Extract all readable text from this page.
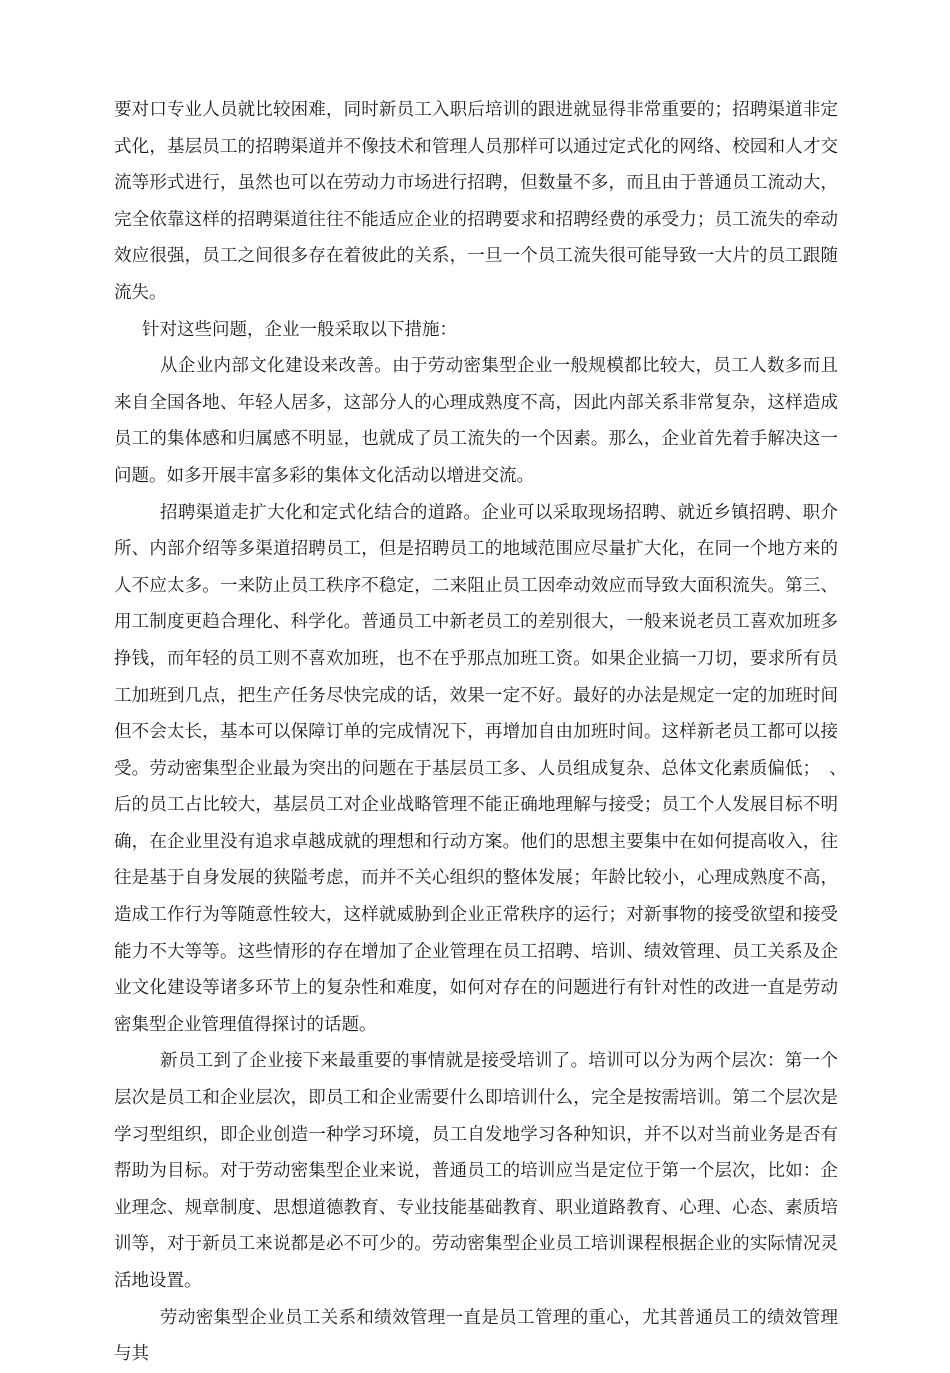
要对口专业人员就比较困难，同时新员工入职后培训的跟进就显得非常重要的；招聘渠道非定式化，基层员工的招聘渠道并不像技术和管理人员那样可以通过定式化的网络、校园和人才交流等形式进行，虽然也可以在劳动力市场进行招聘，但数量不多，而且由于普通员工流动大，完全依靠这样的招聘渠道往往不能适应企业的招聘要求和招聘经费的承受力；员工流失的牵动效应很强，员工之间很多存在着彼此的关系，一旦一个员工流失很可能导致一大片的员工跟随流失。

针对这些问题，企业一般采取以下措施：

从企业内部文化建设来改善。由于劳动密集型企业一般规模都比较大，员工人数多而且来自全国各地、年轻人居多，这部分人的心理成熟度不高，因此内部关系非常复杂，这样造成员工的集体感和归属感不明显，也就成了员工流失的一个因素。那么，企业首先着手解决这一问题。如多开展丰富多彩的集体文化活动以增进交流。

招聘渠道走扩大化和定式化结合的道路。企业可以采取现场招聘、就近乡镇招聘、职介所、内部介绍等多渠道招聘员工，但是招聘员工的地域范围应尽量扩大化，在同一个地方来的人不应太多。一来防止员工秩序不稳定，二来阻止员工因牵动效应而导致大面积流失。第三、用工制度更趋合理化、科学化。普通员工中新老员工的差别很大，一般来说老员工喜欢加班多挣钱，而年轻的员工则不喜欢加班，也不在乎那点加班工资。如果企业搞一刀切，要求所有员工加班到几点，把生产任务尽快完成的话，效果一定不好。最好的办法是规定一定的加班时间但不会太长，基本可以保障订单的完成情况下，再增加自由加班时间。这样新老员工都可以接受。劳动密集型企业最为突出的问题在于基层员工多、人员组成复杂、总体文化素质偏低；　、　后的员工占比较大，基层员工对企业战略管理不能正确地理解与接受；员工个人发展目标不明确，在企业里没有追求卓越成就的理想和行动方案。他们的思想主要集中在如何提高收入，往往是基于自身发展的狭隘考虑，而并不关心组织的整体发展；年龄比较小，心理成熟度不高，造成工作行为等随意性较大，这样就威胁到企业正常秩序的运行；对新事物的接受欲望和接受能力不大等等。这些情形的存在增加了企业管理在员工招聘、培训、绩效管理、员工关系及企业文化建设等诸多环节上的复杂性和难度，如何对存在的问题进行有针对性的改进一直是劳动密集型企业管理值得探讨的话题。

新员工到了企业接下来最重要的事情就是接受培训了。培训可以分为两个层次：第一个层次是员工和企业层次，即员工和企业需要什么即培训什么，完全是按需培训。第二个层次是学习型组织，即企业创造一种学习环境，员工自发地学习各种知识，并不以对当前业务是否有帮助为目标。对于劳动密集型企业来说，普通员工的培训应当是定位于第一个层次，比如：企业理念、规章制度、思想道德教育、专业技能基础教育、职业道路教育、心理、心态、素质培训等，对于新员工来说都是必不可少的。劳动密集型企业员工培训课程根据企业的实际情况灵活地设置。

劳动密集型企业员工关系和绩效管理一直是员工管理的重心，尤其普通员工的绩效管理与其
